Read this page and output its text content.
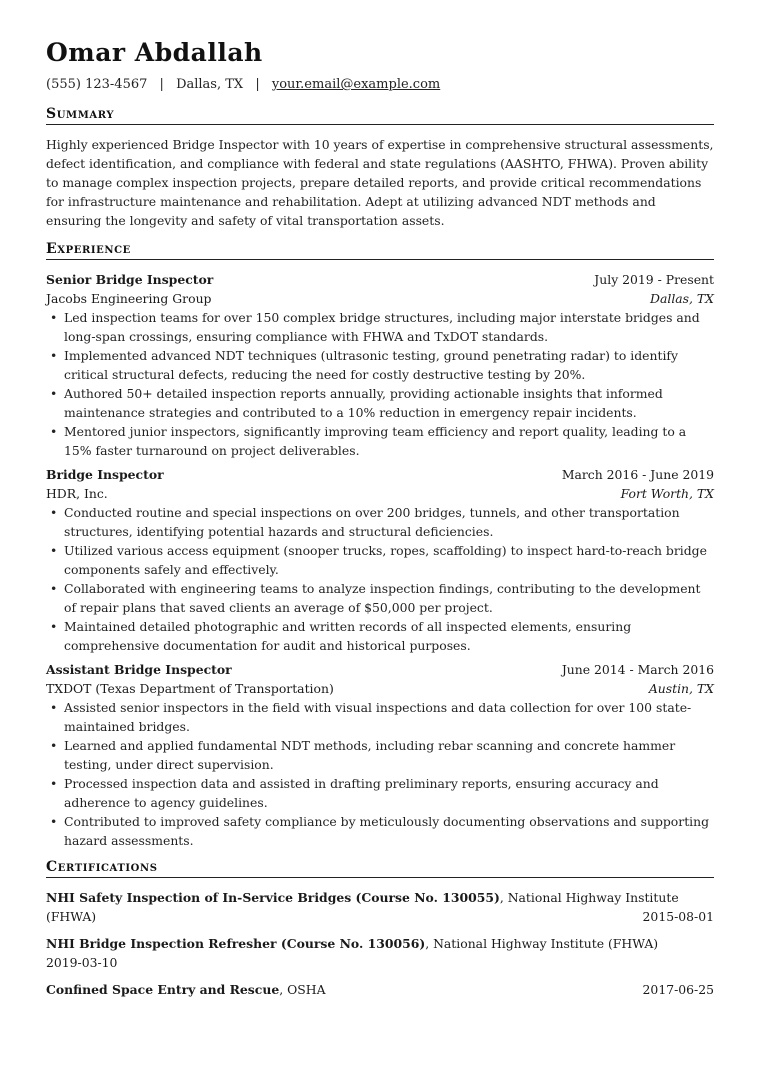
Omar Abdallah
(555) 123-4567 | Dallas, TX | your.email@example.com
Summary
Highly experienced Bridge Inspector with 10 years of expertise in comprehensive structural assessments, defect identification, and compliance with federal and state regulations (AASHTO, FHWA). Proven ability to manage complex inspection projects, prepare detailed reports, and provide critical recommendations for infrastructure maintenance and rehabilitation. Adept at utilizing advanced NDT methods and ensuring the longevity and safety of vital transportation assets.
Experience
Senior Bridge Inspector	July 2019 - Present
Jacobs Engineering Group	Dallas, TX
• Led inspection teams for over 150 complex bridge structures, including major interstate bridges and long-span crossings, ensuring compliance with FHWA and TxDOT standards.
• Implemented advanced NDT techniques (ultrasonic testing, ground penetrating radar) to identify critical structural defects, reducing the need for costly destructive testing by 20%.
• Authored 50+ detailed inspection reports annually, providing actionable insights that informed maintenance strategies and contributed to a 10% reduction in emergency repair incidents.
• Mentored junior inspectors, significantly improving team efficiency and report quality, leading to a 15% faster turnaround on project deliverables.
Bridge Inspector	March 2016 - June 2019
HDR, Inc.	Fort Worth, TX
• Conducted routine and special inspections on over 200 bridges, tunnels, and other transportation structures, identifying potential hazards and structural deficiencies.
• Utilized various access equipment (snooper trucks, ropes, scaffolding) to inspect hard-to-reach bridge components safely and effectively.
• Collaborated with engineering teams to analyze inspection findings, contributing to the development of repair plans that saved clients an average of $50,000 per project.
• Maintained detailed photographic and written records of all inspected elements, ensuring comprehensive documentation for audit and historical purposes.
Assistant Bridge Inspector	June 2014 - March 2016
TXDOT (Texas Department of Transportation)	Austin, TX
• Assisted senior inspectors in the field with visual inspections and data collection for over 100 state-maintained bridges.
• Learned and applied fundamental NDT methods, including rebar scanning and concrete hammer testing, under direct supervision.
• Processed inspection data and assisted in drafting preliminary reports, ensuring accuracy and adherence to agency guidelines.
• Contributed to improved safety compliance by meticulously documenting observations and supporting hazard assessments.
Certifications
NHI Safety Inspection of In-Service Bridges (Course No. 130055), National Highway Institute
(FHWA)	2015-08-01
NHI Bridge Inspection Refresher (Course No. 130056), National Highway Institute (FHWA)
2019-03-10
Confined Space Entry and Rescue, OSHA	2017-06-25
